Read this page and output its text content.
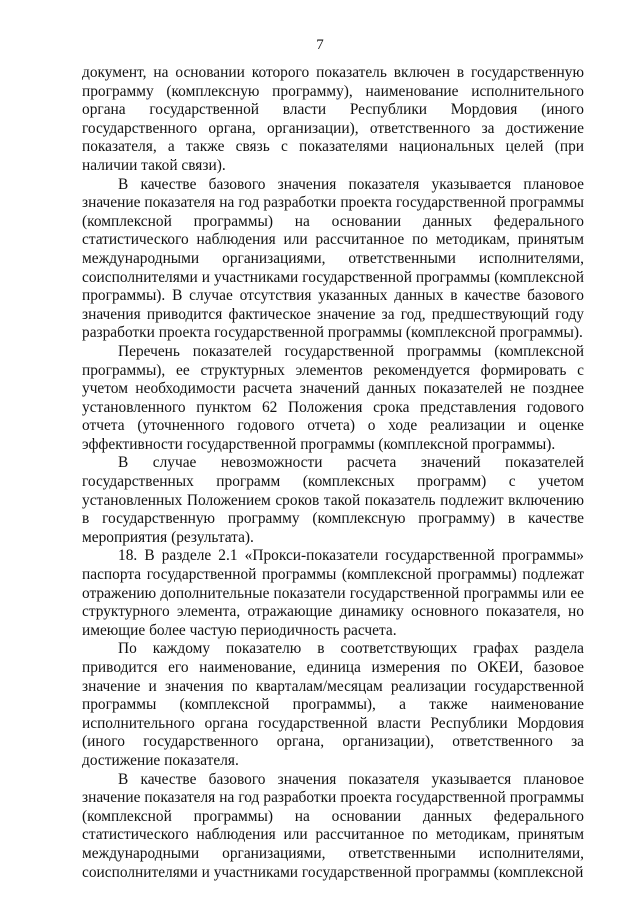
7

документ, на основании которого показатель включен в государственную программу (комплексную программу), наименование исполнительного органа государственной власти Республики Мордовия (иного государственного органа, организации), ответственного за достижение показателя, а также связь с показателями национальных целей (при наличии такой связи).

В качестве базового значения показателя указывается плановое значение показателя на год разработки проекта государственной программы (комплексной программы) на основании данных федерального статистического наблюдения или рассчитанное по методикам, принятым международными организациями, ответственными исполнителями, соисполнителями и участниками государственной программы (комплексной программы). В случае отсутствия указанных данных в качестве базового значения приводится фактическое значение за год, предшествующий году разработки проекта государственной программы (комплексной программы).

Перечень показателей государственной программы (комплексной программы), ее структурных элементов рекомендуется формировать с учетом необходимости расчета значений данных показателей не позднее установленного пунктом 62 Положения срока представления годового отчета (уточненного годового отчета) о ходе реализации и оценке эффективности государственной программы (комплексной программы).

В случае невозможности расчета значений показателей государственных программ (комплексных программ) с учетом установленных Положением сроков такой показатель подлежит включению в государственную программу (комплексную программу) в качестве мероприятия (результата).

18. В разделе 2.1 «Прокси-показатели государственной программы» паспорта государственной программы (комплексной программы) подлежат отражению дополнительные показатели государственной программы или ее структурного элемента, отражающие динамику основного показателя, но имеющие более частую периодичность расчета.

По каждому показателю в соответствующих графах раздела приводится его наименование, единица измерения по ОКЕИ, базовое значение и значения по кварталам/месяцам реализации государственной программы (комплексной программы), а также наименование исполнительного органа государственной власти Республики Мордовия (иного государственного органа, организации), ответственного за достижение показателя.

В качестве базового значения показателя указывается плановое значение показателя на год разработки проекта государственной программы (комплексной программы) на основании данных федерального статистического наблюдения или рассчитанное по методикам, принятым международными организациями, ответственными исполнителями, соисполнителями и участниками государственной программы (комплексной
